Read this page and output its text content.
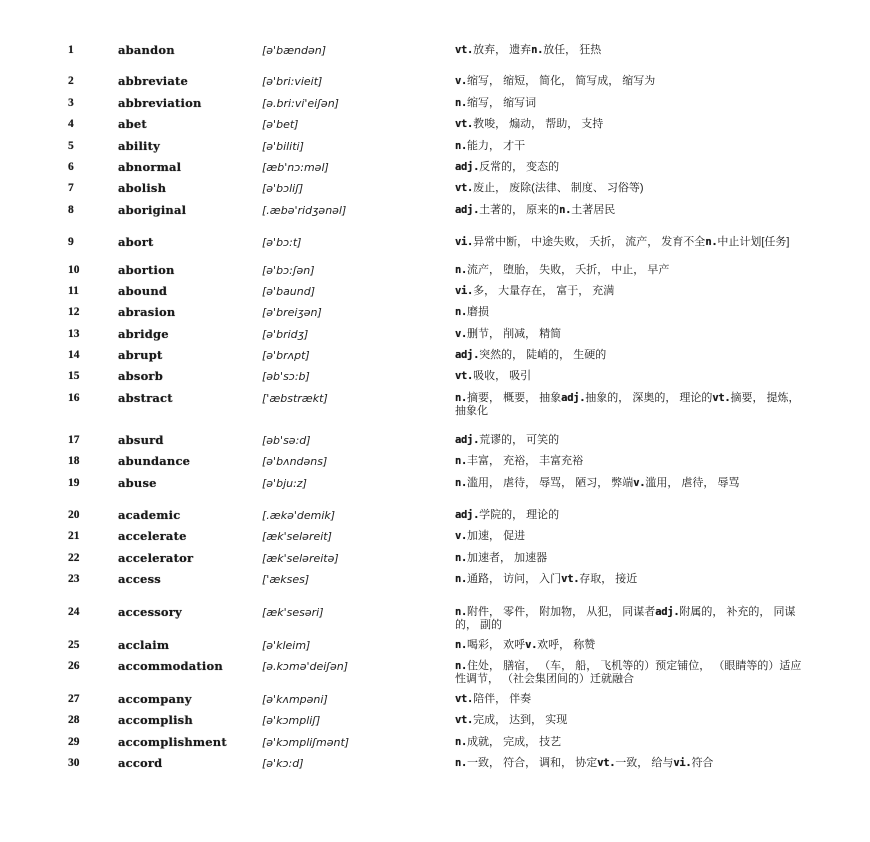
1	abandon	[ə'bændən]	vt.放弃， 遗弃n.放任， 狂热
2	abbreviate	[ə'bri:vieit]	v.缩写， 缩短， 简化， 简写成， 缩写为
3	abbreviation	[ə.bri:vi'eiʃən]	n.缩写， 缩写词
4	abet	[ə'bet]	vt.教唆， 煽动， 帮助， 支持
5	ability	[ə'biliti]	n.能力， 才干
6	abnormal	[æb'nɔ:məl]	adj.反常的， 变态的
7	abolish	[ə'bɔliʃ]	vt.废止， 废除(法律、 制度、 习俗等)
8	aboriginal	[.æbə'ridʒənəl]	adj.土著的， 原来的n.土著居民
9	abort	[ə'bɔ:t]	vi.异常中断， 中途失败， 夭折， 流产， 发育不全n.中止计划[任务]
10	abortion	[ə'bɔ:ʃən]	n.流产， 堕胎， 失败， 夭折， 中止， 早产
11	abound	[ə'baund]	vi.多， 大量存在， 富于， 充满
12	abrasion	[ə'breiʒən]	n.磨损
13	abridge	[ə'bridʒ]	v.删节， 削减， 精简
14	abrupt	[ə'brʌpt]	adj.突然的， 陡峭的， 生硬的
15	absorb	[əb'sɔ:b]	vt.吸收， 吸引
16	abstract	['æbstrækt]	n.摘要， 概要， 抽象adj.抽象的， 深奥的， 理论的vt.摘要， 提炼， 抽象化
17	absurd	[əb'sə:d]	adj.荒谬的， 可笑的
18	abundance	[ə'bʌndəns]	n.丰富， 充裕， 丰富充裕
19	abuse	[ə'bju:z]	n.滥用， 虐待， 辱骂， 陋习， 弊端v.滥用， 虐待， 辱骂
20	academic	[.ækə'demik]	adj.学院的， 理论的
21	accelerate	[æk'seləreit]	v.加速， 促进
22	accelerator	[æk'seləreitə]	n.加速者， 加速器
23	access	['ækses]	n.通路， 访问， 入门vt.存取， 接近
24	accessory	[æk'sesəri]	n.附件， 零件， 附加物， 从犯， 同谋者adj.附属的， 补充的， 同谋的， 副的
25	acclaim	[ə'kleim]	n.喝彩， 欢呼v.欢呼， 称赞
26	accommodation	[ə.kɔmə'deiʃən]	n.住处， 膳宿， （车， 船， 飞机等的）预定铺位， （眼睛等的）适应性调节， （社会集团间的）迁就融合
27	accompany	[ə'kʌmpəni]	vt.陪伴， 伴奏
28	accomplish	[ə'kɔmpliʃ]	vt.完成， 达到， 实现
29	accomplishment	[ə'kɔmpliʃmənt]	n.成就， 完成， 技艺
30	accord	[ə'kɔ:d]	n.一致， 符合， 调和， 协定vt.一致， 给与vi.符合
